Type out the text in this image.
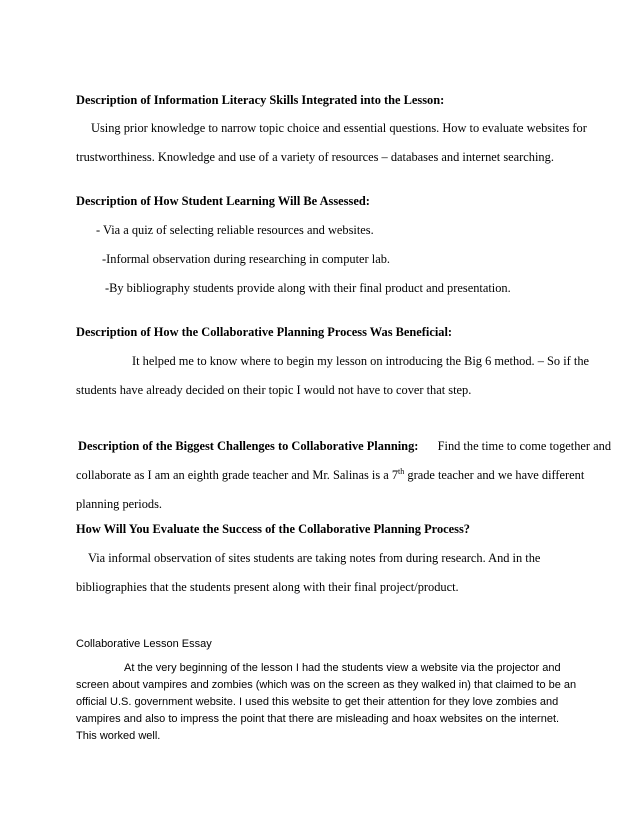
Description of Information Literacy Skills Integrated into the Lesson:
Using prior knowledge to narrow topic choice and essential questions. How to evaluate websites for
trustworthiness. Knowledge and use of a variety of resources – databases and internet searching.
Description of How Student Learning Will Be Assessed:
- Via a quiz of selecting reliable resources and websites.
-Informal observation during researching in computer lab.
-By bibliography students provide along with their final product and presentation.
Description of How the Collaborative Planning Process Was Beneficial:
It helped me to know where to begin my lesson on introducing the Big 6 method. – So if the
students have already decided on their topic I would not have to cover that step.
Description of the Biggest Challenges to Collaborative Planning: Find the time to come together and
collaborate as I am an eighth grade teacher and Mr. Salinas is a 7th grade teacher and we have different
planning periods.
How Will You Evaluate the Success of the Collaborative Planning Process?
Via informal observation of sites students are taking notes from during research. And in the
bibliographies that the students present along with their final project/product.
Collaborative Lesson Essay
At the very beginning of the lesson I had the students view a website via the projector and
screen about vampires and zombies (which was on the screen as they walked in) that claimed to be an
official U.S. government website. I used this website to get their attention for they love zombies and
vampires and also to impress the point that there are misleading and hoax websites on the internet.
This worked well.
